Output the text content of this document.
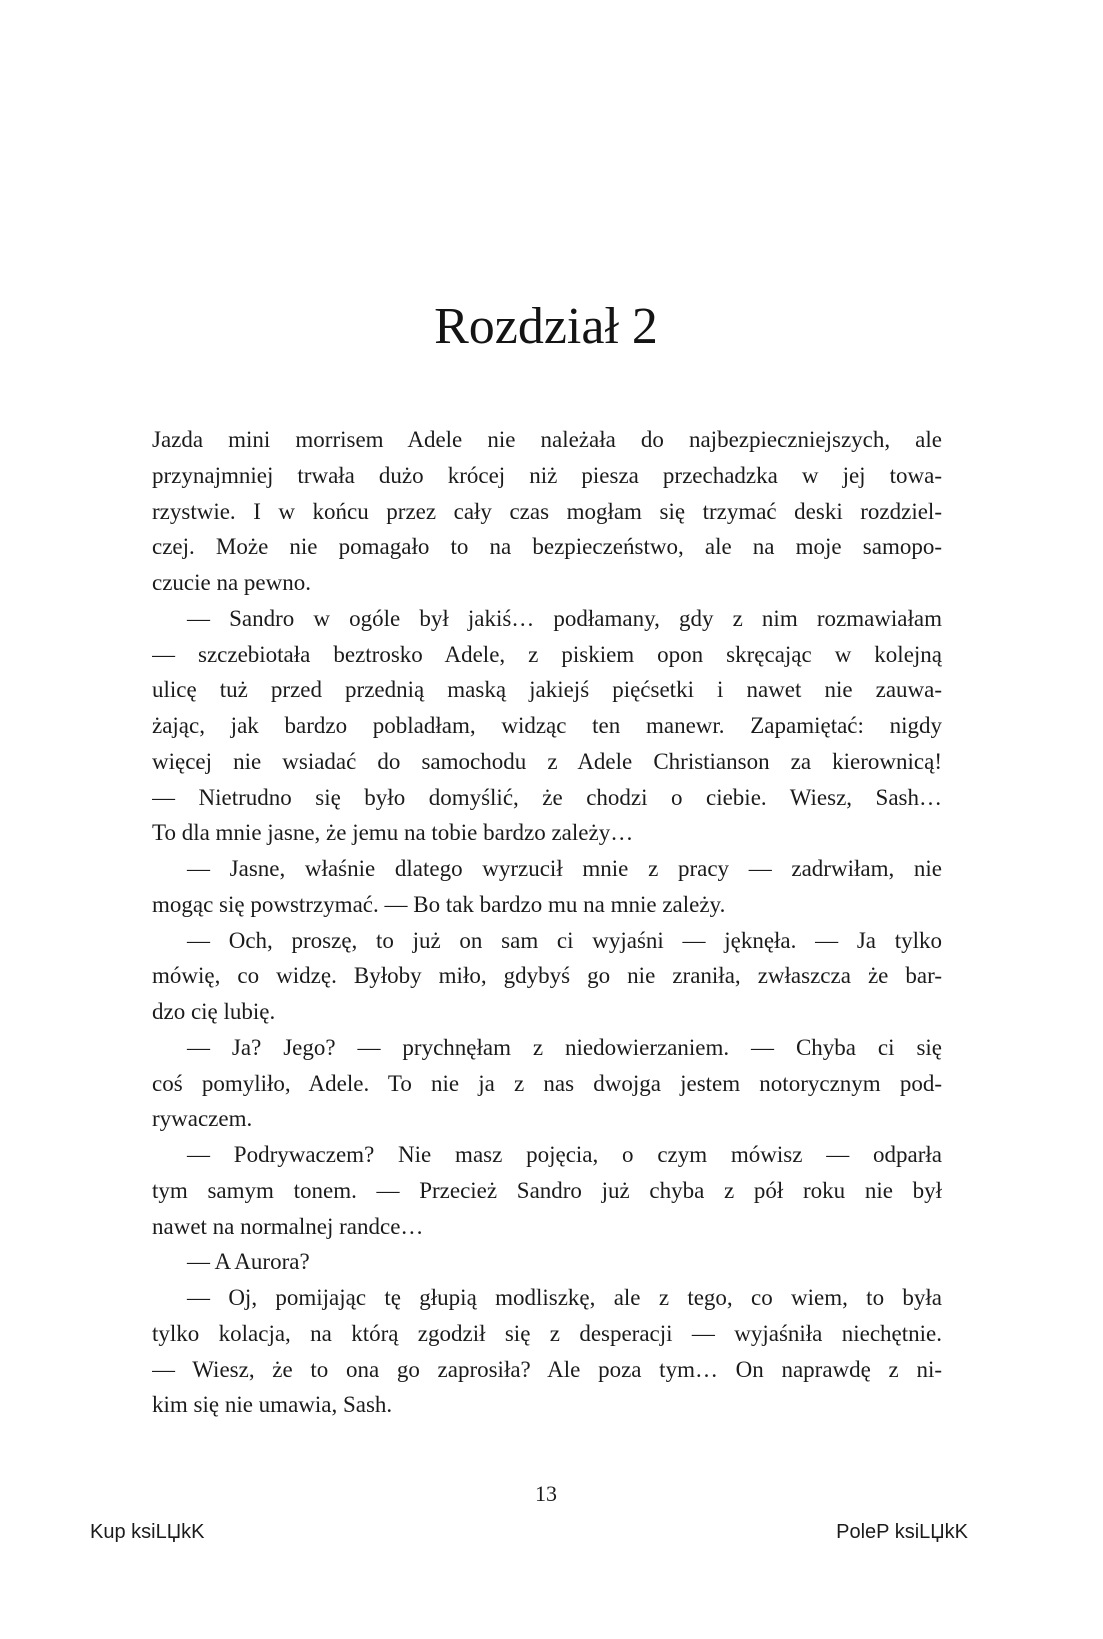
Rozdział 2
Jazda mini morrisem Adele nie należała do najbezpieczniejszych, ale
przynajmniej trwała dużo krócej niż piesza przechadzka w jej towa-
rzystwie. I w końcu przez cały czas mogłam się trzymać deski rozdziel-
czej. Może nie pomagało to na bezpieczeństwo, ale na moje samopo-
czucie na pewno.
— Sandro w ogóle był jakiś… podłamany, gdy z nim rozmawiałam
— szczebiotała beztrosko Adele, z piskiem opon skręcając w kolejną
ulicę tuż przed przednią maską jakiejś pięćsetki i nawet nie zauwa-
żając, jak bardzo pobladłam, widząc ten manewr. Zapamiętać: nigdy
więcej nie wsiadać do samochodu z Adele Christianson za kierownicą!
— Nietrudno się było domyślić, że chodzi o ciebie. Wiesz, Sash…
To dla mnie jasne, że jemu na tobie bardzo zależy…
— Jasne, właśnie dlatego wyrzucił mnie z pracy — zadrwiłam, nie
mogąc się powstrzymać. — Bo tak bardzo mu na mnie zależy.
— Och, proszę, to już on sam ci wyjaśni — jęknęła. — Ja tylko
mówię, co widzę. Byłoby miło, gdybyś go nie zraniła, zwłaszcza że bar-
dzo cię lubię.
— Ja? Jego? — prychnęłam z niedowierzaniem. — Chyba ci się
coś pomyliło, Adele. To nie ja z nas dwojga jestem notorycznym pod-
rywaczem.
— Podrywaczem? Nie masz pojęcia, o czym mówisz — odparła
tym samym tonem. — Przecież Sandro już chyba z pół roku nie był
nawet na normalnej randce…
— A Aurora?
— Oj, pomijając tę głupią modliszkę, ale z tego, co wiem, to była
tylko kolacja, na którą zgodził się z desperacji — wyjaśniła niechętnie.
— Wiesz, że to ona go zaprosiła? Ale poza tym… On naprawdę z ni-
kim się nie umawia, Sash.
13
Kup ksiLЏkK	PoleP ksiLЏkK
